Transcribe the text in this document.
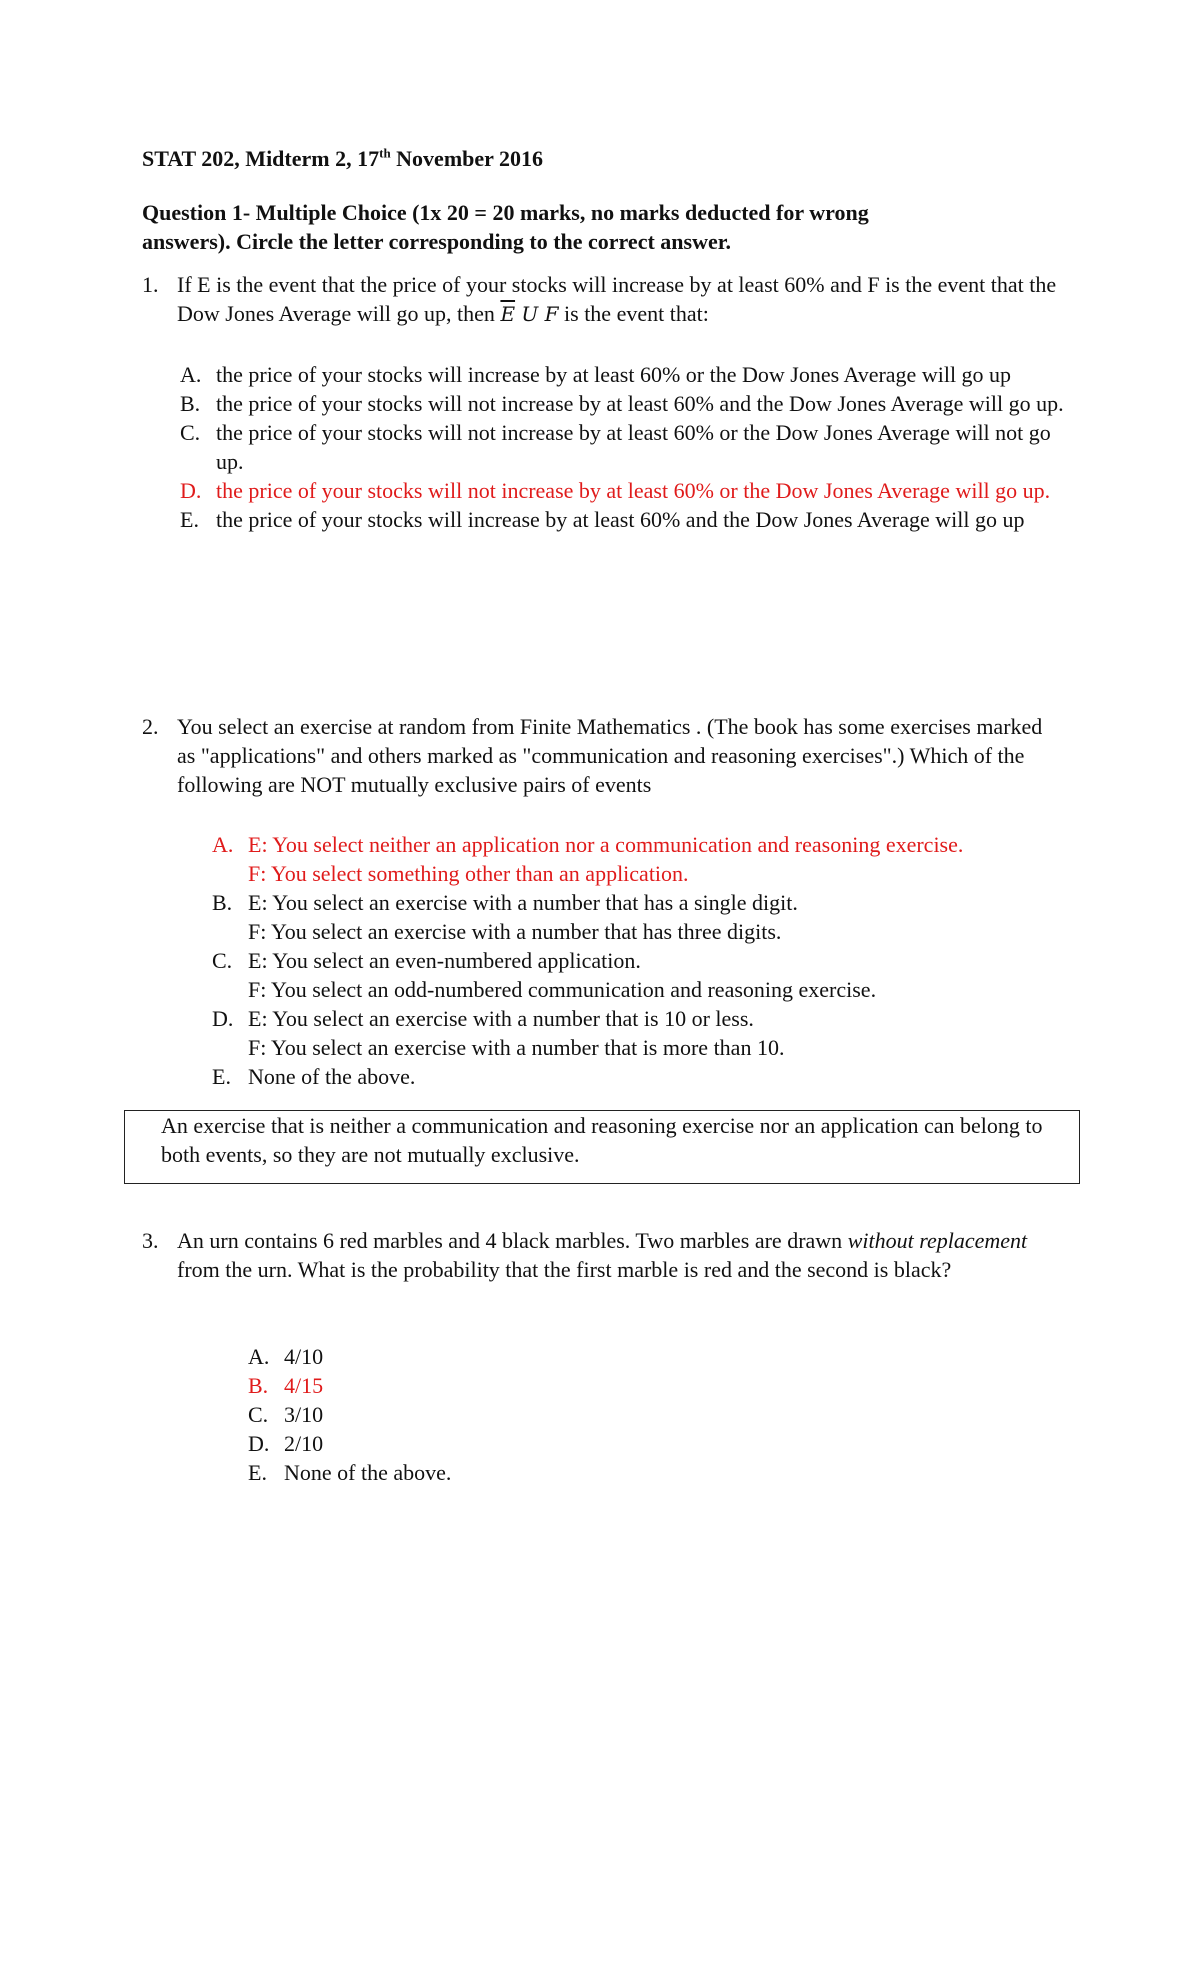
STAT 202, Midterm 2, 17th November 2016
Question 1- Multiple Choice (1x 20 = 20 marks, no marks deducted for wrong answers). Circle the letter corresponding to the correct answer.
1. If E is the event that the price of your stocks will increase by at least 60% and F is the event that the Dow Jones Average will go up, then $\overline{E}$ U F is the event that:
A. the price of your stocks will increase by at least 60% or the Dow Jones Average will go up
B. the price of your stocks will not increase by at least 60% and the Dow Jones Average will go up.
C. the price of your stocks will not increase by at least 60% or the Dow Jones Average will not go up.
D. the price of your stocks will not increase by at least 60% or the Dow Jones Average will go up.
E. the price of your stocks will increase by at least 60% and the Dow Jones Average will go up
2. You select an exercise at random from Finite Mathematics . (The book has some exercises marked as "applications" and others marked as "communication and reasoning exercises".) Which of the following are NOT mutually exclusive pairs of events
A. E: You select neither an application nor a communication and reasoning exercise.
F: You select something other than an application.
B. E: You select an exercise with a number that has a single digit.
F: You select an exercise with a number that has three digits.
C. E: You select an even-numbered application.
F: You select an odd-numbered communication and reasoning exercise.
D. E: You select an exercise with a number that is 10 or less.
F: You select an exercise with a number that is more than 10.
E. None of the above.

An exercise that is neither a communication and reasoning exercise nor an application can belong to both events, so they are not mutually exclusive.

3. An urn contains 6 red marbles and 4 black marbles. Two marbles are drawn without replacement from the urn. What is the probability that the first marble is red and the second is black?
A. 4/10
B. 4/15
C. 3/10
D. 2/10
E. None of the above.
